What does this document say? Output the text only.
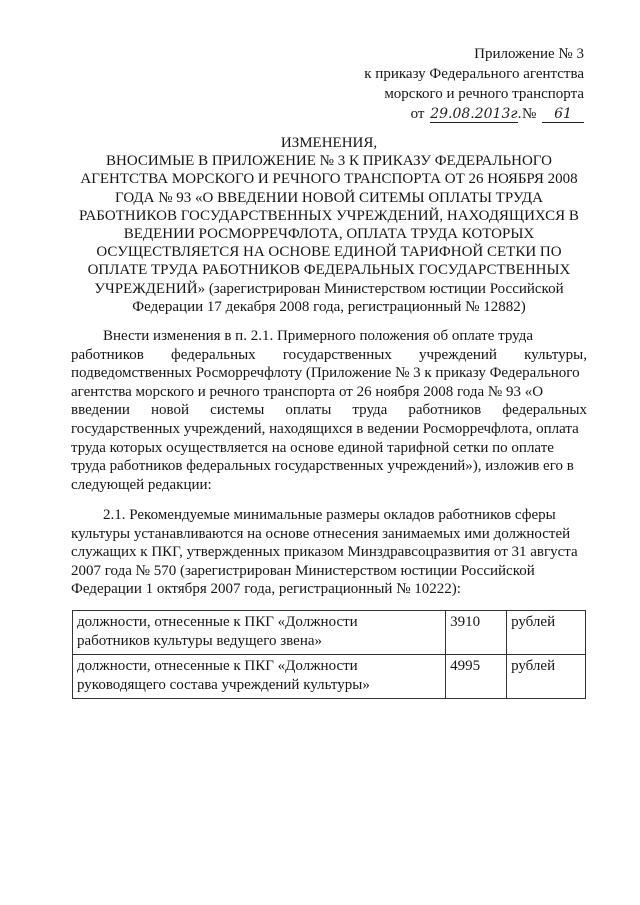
Приложение № 3
к приказу Федерального агентства
морского и речного транспорта
от 29.08.2013г. № 61
ИЗМЕНЕНИЯ,
ВНОСИМЫЕ В ПРИЛОЖЕНИЕ № 3 К ПРИКАЗУ ФЕДЕРАЛЬНОГО
АГЕНТСТВА МОРСКОГО И РЕЧНОГО ТРАНСПОРТА ОТ 26 НОЯБРЯ 2008
ГОДА № 93 «О ВВЕДЕНИИ НОВОЙ СИТЕМЫ ОПЛАТЫ ТРУДА
РАБОТНИКОВ ГОСУДАРСТВЕННЫХ УЧРЕЖДЕНИЙ, НАХОДЯЩИХСЯ В
ВЕДЕНИИ РОСМОРРЕЧФЛОТА, ОПЛАТА ТРУДА КОТОРЫХ
ОСУЩЕСТВЛЯЕТСЯ НА ОСНОВЕ ЕДИНОЙ ТАРИФНОЙ СЕТКИ ПО
ОПЛАТЕ ТРУДА РАБОТНИКОВ ФЕДЕРАЛЬНЫХ ГОСУДАРСТВЕННЫХ
УЧРЕЖДЕНИЙ» (зарегистрирован Министерством юстиции Российской
Федерации 17 декабря 2008 года, регистрационный № 12882)
Внести изменения в п. 2.1. Примерного положения об оплате труда
работников федеральных государственных учреждений культуры,
подведомственных Росморречфлоту (Приложение № 3 к приказу Федерального
агентства морского и речного транспорта от 26 ноября 2008 года № 93 «О
введении новой системы оплаты труда работников федеральных
государственных учреждений, находящихся в ведении Росморречфлота, оплата
труда которых осуществляется на основе единой тарифной сетки по оплате
труда работников федеральных государственных учреждений»), изложив его в
следующей редакции:
2.1. Рекомендуемые минимальные размеры окладов работников сферы
культуры устанавливаются на основе отнесения занимаемых ими должностей
служащих к ПКГ, утвержденных приказом Минздравсоцразвития от 31 августа
2007 года № 570 (зарегистрирован Министерством юстиции Российской
Федерации 1 октября 2007 года, регистрационный № 10222):
должности, отнесенные к ПКГ «Должности
работников культуры ведущего звена»	3910	рублей

должности, отнесенные к ПКГ «Должности
руководящего состава учреждений культуры»	4995	рублей
